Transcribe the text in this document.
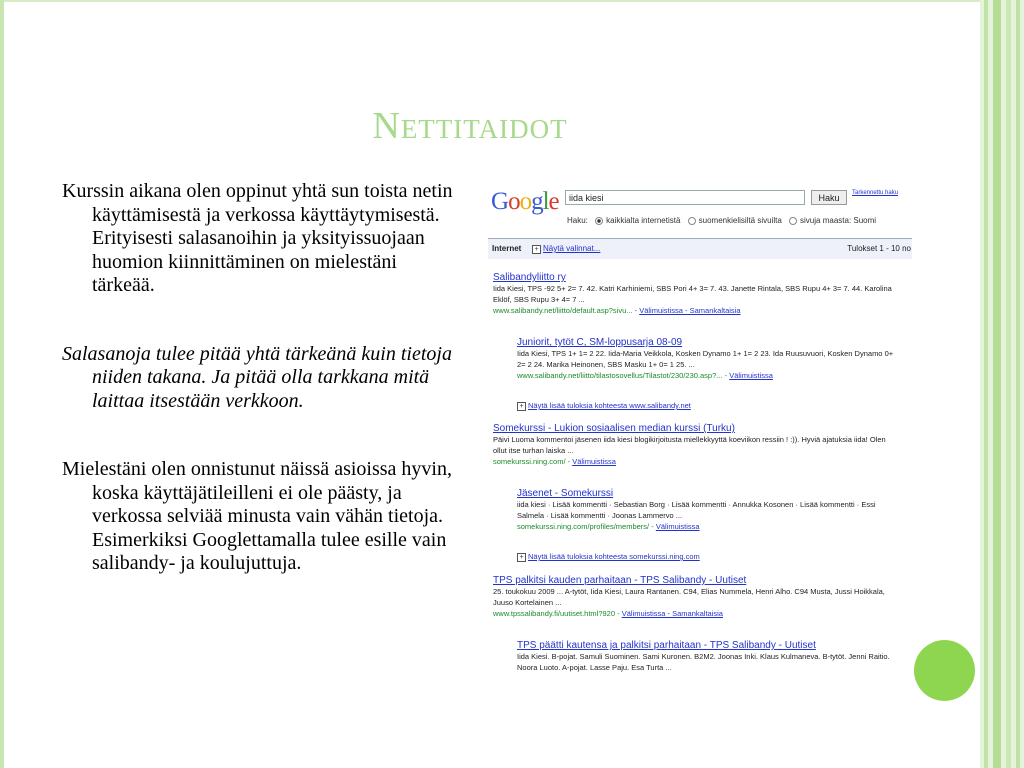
Nettitaidot

Kurssin aikana olen oppinut yhtä sun toista netin käyttämisestä ja verkossa käyttäytymisestä. Erityisesti salasanoihin ja yksityissuojaan huomion kiinnittäminen on mielestäni tärkeää.

Salasanoja tulee pitää yhtä tärkeänä kuin tietoja niiden takana. Ja pitää olla tarkkana mitä laittaa itsestään verkkoon.

Mielestäni olen onnistunut näissä asioissa hyvin, koska käyttäjätileilleni ei ole päästy, ja verkossa selviää minusta vain vähän tietoja. Esimerkiksi Googlettamalla tulee esille vain salibandy- ja koulujuttuja.

Google	iida kiesi	Haku	Tarkennettu haku
Haku: kaikkialta internetistä suomenkielisiltä sivuilta sivuja maasta: Suomi
Internet	+ Näytä valinnat...	Tulokset 1 - 10 no
Salibandyliitto ry
Iida Kiesi, TPS -92 5+ 2= 7. 42. Katri Karhiniemi, SBS Pori 4+ 3= 7. 43. Janette Rintala, SBS Rupu 4+ 3= 7. 44. Karolina Eklöf, SBS Rupu 3+ 4= 7 ...
www.salibandy.net/liitto/default.asp?sivu... - Välimuistissa - Samankaltaisia
Juniorit, tytöt C, SM-loppusarja 08-09
Iida Kiesi, TPS 1+ 1= 2 22. Iida-Maria Veikkola, Kosken Dynamo 1+ 1= 2 23. Ida Ruusuvuori, Kosken Dynamo 0+ 2= 2 24. Marika Heinonen, SBS Masku 1+ 0= 1 25. ...
www.salibandy.net/liitto/tilastosovellus/Tilastot/230/230.asp?... - Välimuistissa
+ Näytä lisää tuloksia kohteesta www.salibandy.net
Somekurssi - Lukion sosiaalisen median kurssi (Turku)
Päivi Luoma kommentoi jäsenen iida kiesi blogikirjoitusta miellekkyyttä koeviikon ressiin ! :)). Hyviä ajatuksia iida! Olen ollut itse turhan laiska ...
somekurssi.ning.com/ - Välimuistissa
Jäsenet - Somekurssi
iida kiesi · Lisää kommentti · Sebastian Borg · Lisää kommentti · Annukka Kosonen · Lisää kommentti · Essi Salmela · Lisää kommentti · Joonas Lammervo ...
somekurssi.ning.com/profiles/members/ - Välimuistissa
+ Näytä lisää tuloksia kohteesta somekurssi.ning.com
TPS palkitsi kauden parhaitaan - TPS Salibandy - Uutiset
25. toukokuu 2009 ... A-tytöt, Iida Kiesi, Laura Rantanen. C94, Elias Nummela, Henri Alho. C94 Musta, Jussi Hoikkala, Juuso Kortelainen ...
www.tpssalibandy.fi/uutiset.html?920 - Välimuistissa - Samankaltaisia
TPS päätti kautensa ja palkitsi parhaitaan - TPS Salibandy - Uutiset
Iida Kiesi. B-pojat. Samuli Suominen. Sami Kuronen. B2M2. Joonas Inki. Klaus Kulmaneva. B-tytöt. Jenni Raitio. Noora Luoto. A-pojat. Lasse Paju. Esa Turta ...
